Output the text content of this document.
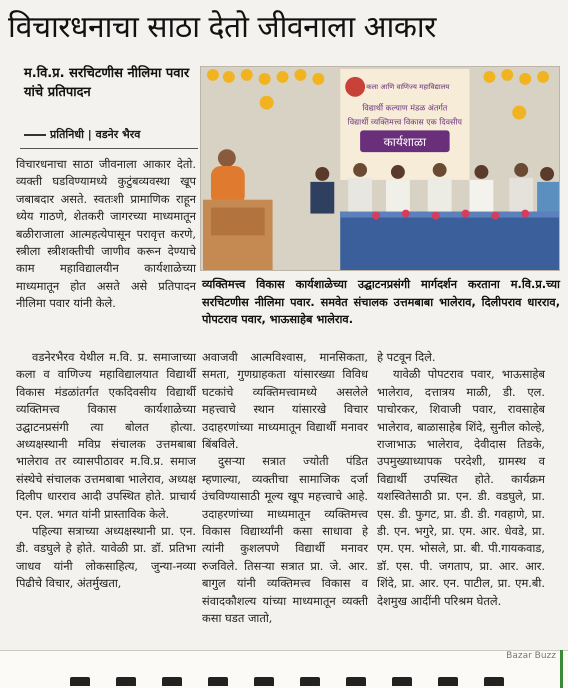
विचारधनाचा साठा देतो जीवनाला आकार
म.वि.प्र. सरचिटणीस नीलिमा पवार यांचे प्रतिपादन
प्रतिनिधी | वडनेर भैरव

विचारधनाचा साठा जीवनाला आकार देतो. व्यक्ती घडविण्यामध्ये कुटुंबव्यवस्था खूप जबाबदार असते. स्वतःशी प्रामाणिक राहून ध्येय गाठणे, शेतकरी जागरच्या माध्यमातून बळीराजाला आत्महत्येपासून परावृत्त करणे, स्त्रीला स्त्रीशक्तीची जाणीव करून देण्याचे काम महाविद्यालयीन कार्यशाळेच्या माध्यमातून होत असते असे प्रतिपादन नीलिमा पवार यांनी केले.

कला आणि वाणिज्य महाविद्यालय
विद्यार्थी कल्याण मंडळ अंतर्गत
विद्यार्थी व्यक्तिमत्त्व विकास एक दिवसीय
कार्यशाळा
व्यक्तिमत्त्व विकास कार्यशाळेच्या उद्घाटनप्रसंगी मार्गदर्शन करताना म.वि.प्र.च्या सरचिटणीस नीलिमा पवार. समवेत संचालक उत्तमबाबा भालेराव, दिलीपराव धारराव, पोपटराव पवार, भाऊसाहेब भालेराव.

वडनेरभैरव येथील म.वि. प्र. समाजाच्या कला व वाणिज्य महाविद्यालयात विद्यार्थी विकास मंडळांतर्गत एकदिवसीय विद्यार्थी व्यक्तिमत्त्व विकास कार्यशाळेच्या उद्घाटनप्रसंगी त्या बोलत होत्या. अध्यक्षस्थानी मविप्र संचालक उत्तमबाबा भालेराव तर व्यासपीठावर म.वि.प्र. समाज संस्थेचे संचालक उत्तमबाबा भालेराव, अध्यक्ष दिलीप धारराव आदी उपस्थित होते. प्राचार्य एन. एल. भगत यांनी प्रास्ताविक केले.

पहिल्या सत्राच्या अध्यक्षस्थानी प्रा. एन. डी. वडघुले हे होते. यावेळी प्रा. डॉ. प्रतिभा जाधव यांनी लोकसाहित्य, जुन्या-नव्या पिढीचे विचार, अंतर्मुखता,

अवाजवी आत्मविश्वास, मानसिकता, समता, गुणग्राहकता यांसारख्या विविध घटकांचे व्यक्तिमत्त्वामध्ये असलेले महत्त्वाचे स्थान यांसारखे विचार उदाहरणांच्या माध्यमातून विद्यार्थी मनावर बिंबविले.

दुसऱ्या सत्रात ज्योती पंडित म्हणाल्या, व्यक्तीचा सामाजिक दर्जा उंचविण्यासाठी मूल्य खूप महत्त्वाचे आहे. उदाहरणांच्या माध्यमातून व्यक्तिमत्त्व विकास विद्यार्थ्यांनी कसा साधावा हे त्यांनी कुशलपणे विद्यार्थी मनावर रुजविले. तिसऱ्या सत्रात प्रा. जे. आर. बागुल यांनी व्यक्तिमत्त्व विकास व संवादकौशल्य यांच्या माध्यमातून व्यक्ती कसा घडत जातो,

हे पटवून दिले.

यावेळी पोपटराव पवार, भाऊसाहेब भालेराव, दत्तात्रय माळी, डी. एल. पाचोरकर, शिवाजी पवार, रावसाहेब भालेराव, बाळासाहेब शिंदे, सुनील कोल्हे, राजाभाऊ भालेराव, देवीदास तिडके, उपमुख्याध्यापक परदेशी, ग्रामस्थ व विद्यार्थी उपस्थित होते. कार्यक्रम यशस्वितेसाठी प्रा. एन. डी. वडघुले, प्रा. एस. डी. फुगट, प्रा. डी. डी. गवहाणे, प्रा. डी. एन. भगुरे, प्रा. एम. आर. धेवडे, प्रा. एम. एम. भोसले, प्रा. बी. पी.गायकवाड, डॉ. एस. पी. जगताप, प्रा. आर. आर. शिंदे, प्रा. आर. एन. पाटील, प्रा. एम.बी. देशमुख आदींनी परिश्रम घेतले.

Bazar Buzz
